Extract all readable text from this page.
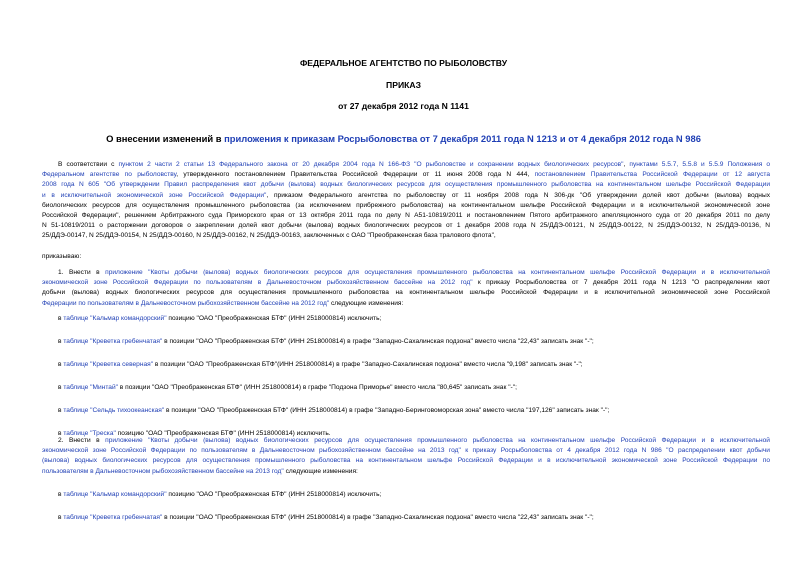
ФЕДЕРАЛЬНОЕ АГЕНТСТВО ПО РЫБОЛОВСТВУ
ПРИКАЗ
от 27 декабря 2012 года N 1141
О внесении изменений в приложения к приказам Росрыболовства от 7 декабря 2011 года N 1213 и от 4 декабря 2012 года N 986
В соответствии с пунктом 2 части 2 статьи 13 Федерального закона от 20 декабря 2004 года N 166-ФЗ "О рыболовстве и сохранении водных биологических ресурсов", пунктами 5.5.7, 5.5.8 и 5.5.9 Положения о
Федеральном агентстве по рыболовству, утвержденного постановлением Правительства Российской Федерации от 11 июня 2008 года N 444, постановлением Правительства Российской Федерации от 12 августа
2008 года N 605 "Об утверждении Правил распределения квот добычи (вылова) водных биологических ресурсов для осуществления промышленного рыболовства на континентальном шельфе Российской Федерации
и в исключительной экономической зоне Российской Федерации", приказом Федерального агентства по рыболовству от 11 ноября 2008 года N 306-дк "Об утверждении долей квот добычи (вылова) водных
биологических ресурсов для осуществления промышленного рыболовства (за исключением прибрежного рыболовства) на континентальном шельфе Российской Федерации и в исключительной экономической зоне
Российской Федерации", решением Арбитражного суда Приморского края от 13 октября 2011 года по делу N А51-10819/2011 и постановлением Пятого арбитражного апелляционного суда от 20 декабря 2011 по делу
N 51-10819/2011 о расторжении договоров о закреплении долей квот добычи (вылова) водных биологических ресурсов от 1 декабря 2008 года N 25/ДДЭ-00121, N 25/ДДЭ-00122, N 25/ДДЭ-00132, N 25/ДДЭ-00136, N
25/ДДЭ-00147, N 25/ДДЭ-00154, N 25/ДДЭ-00160, N 25/ДДЭ-00162, N 25/ДДЭ-00163, заключенных с ОАО "Преображенская база тралового флота",
приказываю:
1. Внести в приложение "Квоты добычи (вылова) водных биологических ресурсов для осуществления промышленного рыболовства на континентальном шельфе Российской Федерации и в исключительной
экономической зоне Российской Федерации по пользователям в Дальневосточном рыбохозяйственном бассейне на 2012 год" к приказу Росрыболовства от 7 декабря 2011 года N 1213 "О распределении квот
добычи (вылова) водных биологических ресурсов для осуществления промышленного рыболовства на континентальном шельфе Российской Федерации и в исключительной экономической зоне Российской
Федерации по пользователям в Дальневосточном рыбохозяйственном бассейне на 2012 год" следующие изменения:
в таблице "Кальмар командорский" позицию "ОАО "Преображенская БТФ" (ИНН 2518000814) исключить;
в таблице "Креветка гребенчатая" в позиции "ОАО "Преображенская БТФ" (ИНН 2518000814) в графе "Западно-Сахалинская подзона" вместо числа "22,43" записать знак "-";
в таблице "Креветка северная" в позиции "ОАО "Преображенская БТФ"(ИНН 2518000814) в графе "Западно-Сахалинская подзона" вместо числа "9,198" записать знак "-";
в таблице "Минтай" в позиции "ОАО "Преображенская БТФ" (ИНН 2518000814) в графе "Подзона Приморье" вместо числа "80,645" записать знак "-";
в таблице "Сельдь тихоокеанская" в позиции "ОАО "Преображенская БТФ" (ИНН 2518000814) в графе "Западно-Беринговоморская зона" вместо числа "197,126" записать знак "-";
в таблице "Треска" позицию "ОАО "Преображенская БТФ" (ИНН 2518000814) исключить.
2. Внести в приложение "Квоты добычи (вылова) водных биологических ресурсов для осуществления промышленного рыболовства на континентальном шельфе Российской Федерации и в исключительной
экономической зоне Российской Федерации по пользователям в Дальневосточном рыбохозяйственном бассейне на 2013 год" к приказу Росрыболовства от 4 декабря 2012 года N 986 "О распределении квот добычи
(вылова) водных биологических ресурсов для осуществления промышленного рыболовства на континентальном шельфе Российской Федерации и в исключительной экономической зоне Российской Федерации по
пользователям в Дальневосточном рыбохозяйственном бассейне на 2013 год" следующие изменения:
в таблице "Кальмар командорский" позицию "ОАО "Преображенская БТФ" (ИНН 2518000814) исключить;
в таблице "Креветка гребенчатая" в позиции "ОАО "Преображенская БТФ" (ИНН 2518000814) в графе "Западно-Сахалинская подзона" вместо числа "22,43" записать знак "-";
